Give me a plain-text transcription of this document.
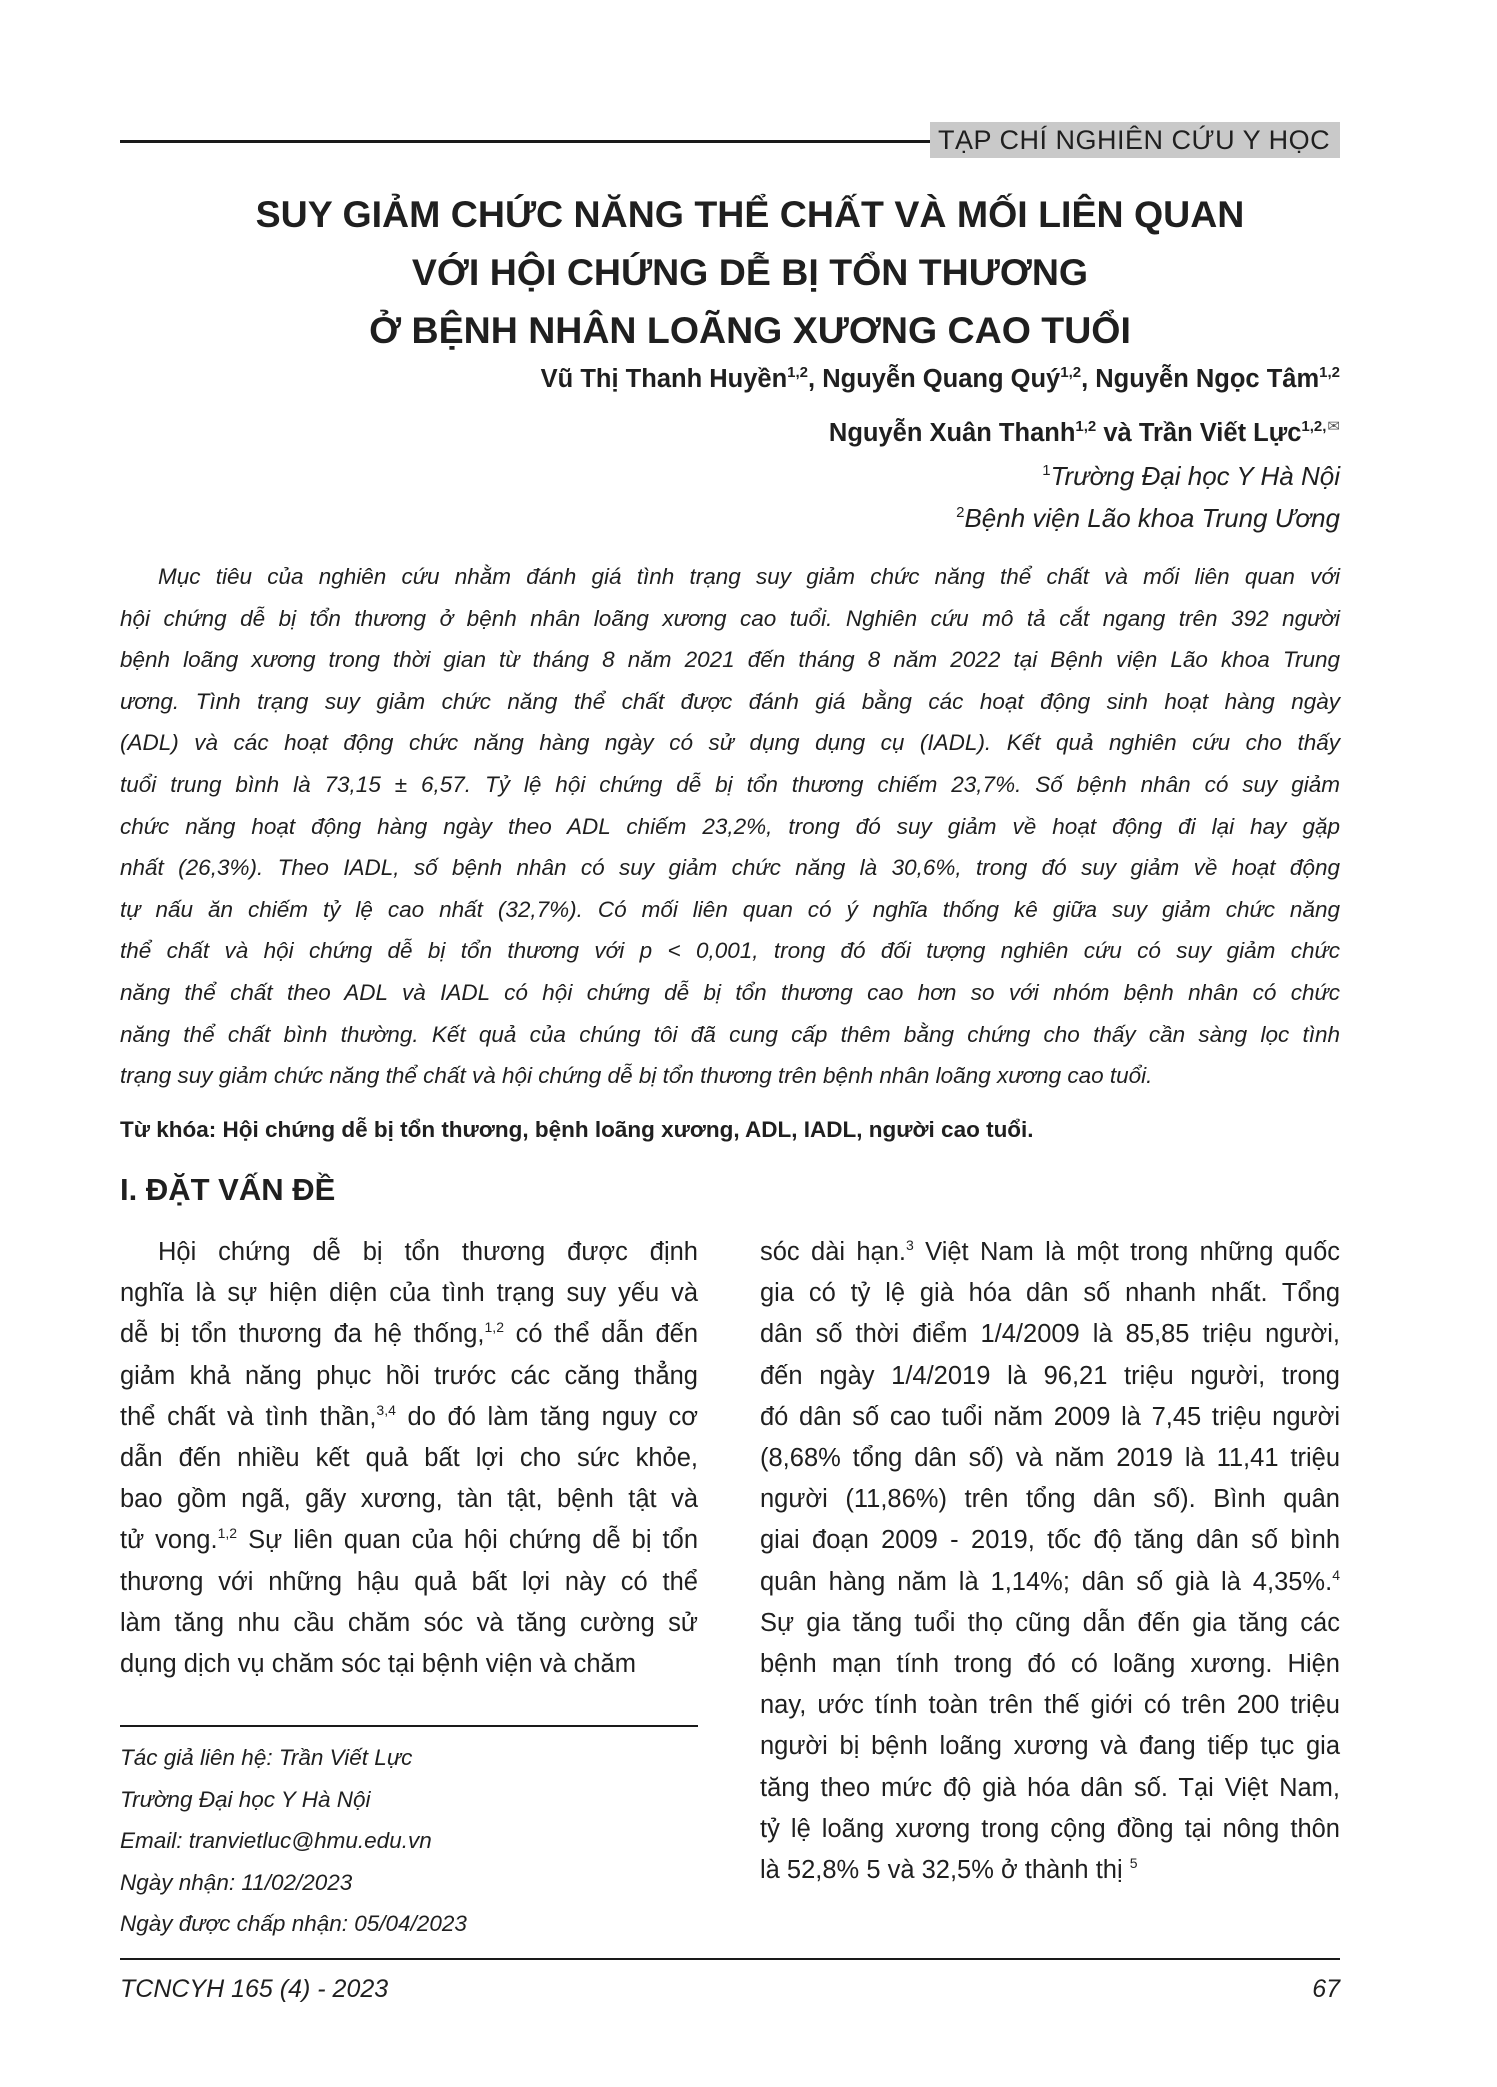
TẠP CHÍ NGHIÊN CỨU Y HỌC
SUY GIẢM CHỨC NĂNG THỂ CHẤT VÀ MỐI LIÊN QUAN
VỚI HỘI CHỨNG DỄ BỊ TỔN THƯƠNG
Ở BỆNH NHÂN LOÃNG XƯƠNG CAO TUỔI
Vũ Thị Thanh Huyền$^{1,2}$, Nguyễn Quang Quý$^{1,2}$, Nguyễn Ngọc Tâm$^{1,2}$
Nguyễn Xuân Thanh$^{1,2}$ và Trần Viết Lực$^{1,2,✉}$
$^1$Trường Đại học Y Hà Nội
$^2$Bệnh viện Lão khoa Trung Ương
Mục tiêu của nghiên cứu nhằm đánh giá tình trạng suy giảm chức năng thể chất và mối liên quan với
hội chứng dễ bị tổn thương ở bệnh nhân loãng xương cao tuổi. Nghiên cứu mô tả cắt ngang trên 392 người
bệnh loãng xương trong thời gian từ tháng 8 năm 2021 đến tháng 8 năm 2022 tại Bệnh viện Lão khoa Trung
ương. Tình trạng suy giảm chức năng thể chất được đánh giá bằng các hoạt động sinh hoạt hàng ngày
(ADL) và các hoạt động chức năng hàng ngày có sử dụng dụng cụ (IADL). Kết quả nghiên cứu cho thấy
tuổi trung bình là 73,15 ± 6,57. Tỷ lệ hội chứng dễ bị tổn thương chiếm 23,7%. Số bệnh nhân có suy giảm
chức năng hoạt động hàng ngày theo ADL chiếm 23,2%, trong đó suy giảm về hoạt động đi lại hay gặp
nhất (26,3%). Theo IADL, số bệnh nhân có suy giảm chức năng là 30,6%, trong đó suy giảm về hoạt động
tự nấu ăn chiếm tỷ lệ cao nhất (32,7%). Có mối liên quan có ý nghĩa thống kê giữa suy giảm chức năng
thể chất và hội chứng dễ bị tổn thương với p < 0,001, trong đó đối tượng nghiên cứu có suy giảm chức
năng thể chất theo ADL và IADL có hội chứng dễ bị tổn thương cao hơn so với nhóm bệnh nhân có chức
năng thể chất bình thường. Kết quả của chúng tôi đã cung cấp thêm bằng chứng cho thấy cần sàng lọc tình
trạng suy giảm chức năng thể chất và hội chứng dễ bị tổn thương trên bệnh nhân loãng xương cao tuổi.
Từ khóa: Hội chứng dễ bị tổn thương, bệnh loãng xương, ADL, IADL, người cao tuổi.
I. ĐẶT VẤN ĐỀ
Hội chứng dễ bị tổn thương được định
nghĩa là sự hiện diện của tình trạng suy yếu và
dễ bị tổn thương đa hệ thống,$^{1,2}$ có thể dẫn đến
giảm khả năng phục hồi trước các căng thẳng
thể chất và tình thần,$^{3,4}$ do đó làm tăng nguy cơ
dẫn đến nhiều kết quả bất lợi cho sức khỏe,
bao gồm ngã, gãy xương, tàn tật, bệnh tật và
tử vong.$^{1,2}$ Sự liên quan của hội chứng dễ bị tổn
thương với những hậu quả bất lợi này có thể
làm tăng nhu cầu chăm sóc và tăng cường sử
dụng dịch vụ chăm sóc tại bệnh viện và chăm
sóc dài hạn.$^3$ Việt Nam là một trong những quốc
gia có tỷ lệ già hóa dân số nhanh nhất. Tổng
dân số thời điểm 1/4/2009 là 85,85 triệu người,
đến ngày 1/4/2019 là 96,21 triệu người, trong
đó dân số cao tuổi năm 2009 là 7,45 triệu người
(8,68% tổng dân số) và năm 2019 là 11,41 triệu
người (11,86%) trên tổng dân số). Bình quân
giai đoạn 2009 - 2019, tốc độ tăng dân số bình
quân hàng năm là 1,14%; dân số già là 4,35%.$^4$
Sự gia tăng tuổi thọ cũng dẫn đến gia tăng các
bệnh mạn tính trong đó có loãng xương. Hiện
nay, ước tính toàn trên thế giới có trên 200 triệu
người bị bệnh loãng xương và đang tiếp tục gia
tăng theo mức độ già hóa dân số. Tại Việt Nam,
tỷ lệ loãng xương trong cộng đồng tại nông thôn
là 52,8% 5 và 32,5% ở thành thị $^5$
Tác giả liên hệ: Trần Viết Lực
Trường Đại học Y Hà Nội
Email: tranvietluc@hmu.edu.vn
Ngày nhận: 11/02/2023
Ngày được chấp nhận: 05/04/2023
TCNCYH 165 (4) - 2023	67
